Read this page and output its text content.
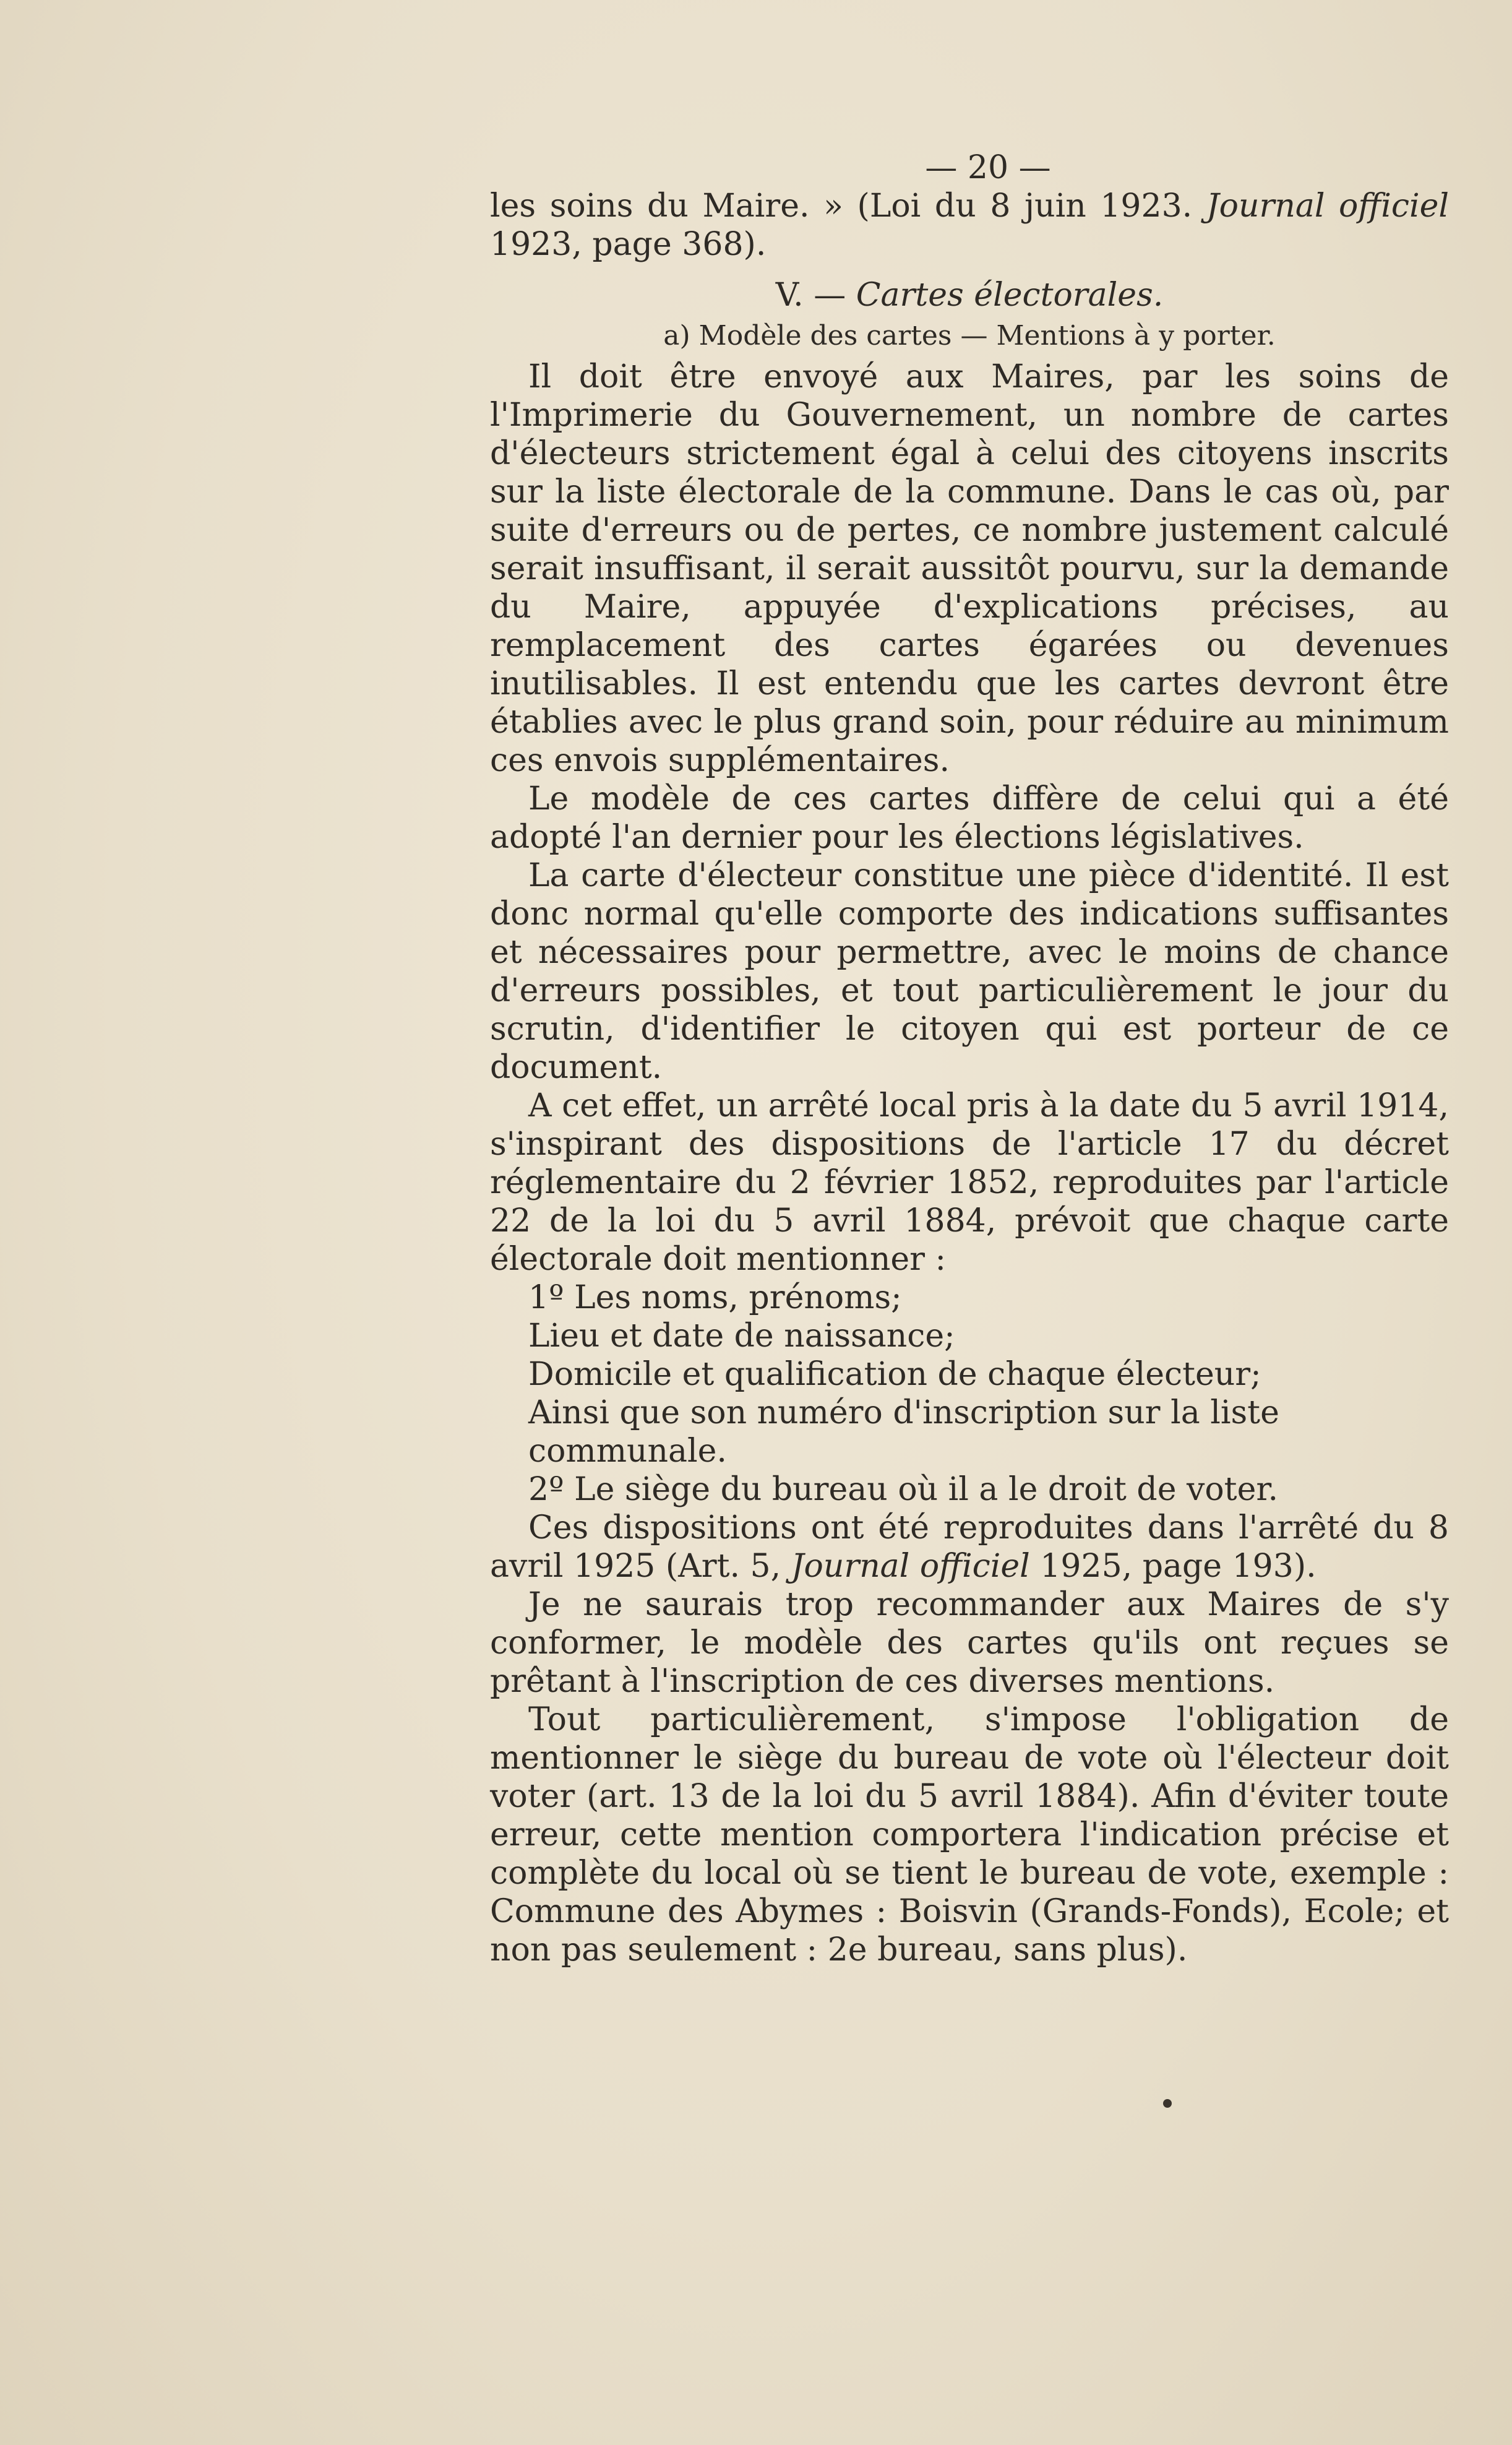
— 20 —

les soins du Maire. » (Loi du 8 juin 1923. Journal officiel 1923, page 368).

V. — Cartes électorales.
a) Modèle des cartes — Mentions à y porter.

Il doit être envoyé aux Maires, par les soins de l'Imprimerie du Gouvernement, un nombre de cartes d'électeurs strictement égal à celui des citoyens inscrits sur la liste électorale de la commune. Dans le cas où, par suite d'erreurs ou de pertes, ce nombre justement calculé serait insuffisant, il serait aussitôt pourvu, sur la demande du Maire, appuyée d'explications précises, au remplacement des cartes égarées ou devenues inutilisables. Il est entendu que les cartes devront être établies avec le plus grand soin, pour réduire au minimum ces envois supplémentaires.

Le modèle de ces cartes diffère de celui qui a été adopté l'an dernier pour les élections législatives.

La carte d'électeur constitue une pièce d'identité. Il est donc normal qu'elle comporte des indications suffisantes et nécessaires pour permettre, avec le moins de chance d'erreurs possibles, et tout particulièrement le jour du scrutin, d'identifier le citoyen qui est porteur de ce document.

A cet effet, un arrêté local pris à la date du 5 avril 1914, s'inspirant des dispositions de l'article 17 du décret réglementaire du 2 février 1852, reproduites par l'article 22 de la loi du 5 avril 1884, prévoit que chaque carte électorale doit mentionner :

1º Les noms, prénoms;

Lieu et date de naissance;

Domicile et qualification de chaque électeur;

Ainsi que son numéro d'inscription sur la liste communale.

2º Le siège du bureau où il a le droit de voter.

Ces dispositions ont été reproduites dans l'arrêté du 8 avril 1925 (Art. 5, Journal officiel 1925, page 193).

Je ne saurais trop recommander aux Maires de s'y conformer, le modèle des cartes qu'ils ont reçues se prêtant à l'inscription de ces diverses mentions.

Tout particulièrement, s'impose l'obligation de mentionner le siège du bureau de vote où l'électeur doit voter (art. 13 de la loi du 5 avril 1884). Afin d'éviter toute erreur, cette mention comportera l'indication précise et complète du local où se tient le bureau de vote, exemple : Commune des Abymes : Boisvin (Grands-Fonds), Ecole; et non pas seulement : 2e bureau, sans plus).
